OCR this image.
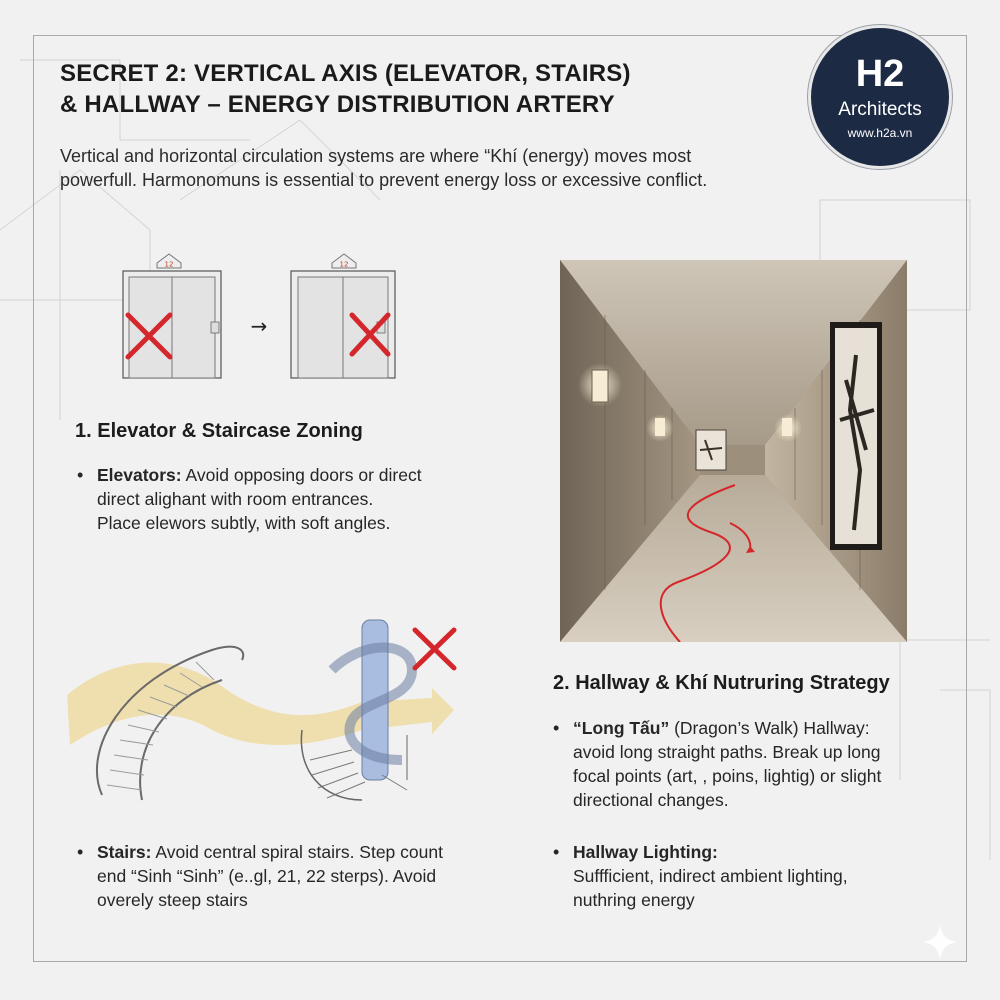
SECRET 2: VERTICAL AXIS (ELEVATOR, STAIRS)
& HALLWAY – ENERGY DISTRIBUTION ARTERY
H2
Architects
www.h2a.vn

Vertical and horizontal circulation systems are where “Khí (energy) moves most
powerfull. Harmonomuns is essential to prevent energy loss or excessive conflict.

12
→
12
1. Elevator & Staircase Zoning
• Elevators: Avoid opposing doors or direct
direct alighant with room entrances.
Place elewors subtly, with soft angles.
• Stairs: Avoid central spiral stairs. Step count
end “Sinh “Sinh” (e..gl, 21, 22 sterps). Avoid
overely steep stairs
2. Hallway & Khí Nutruring Strategy
• “Long Tấu” (Dragon’s Walk) Hallway:
avoid long straight paths. Break up long
focal points (art, , poins, lightig) or slight
directional changes.
• Hallway Lighting:
Suffficient, indirect ambient lighting,
nuthring energy
